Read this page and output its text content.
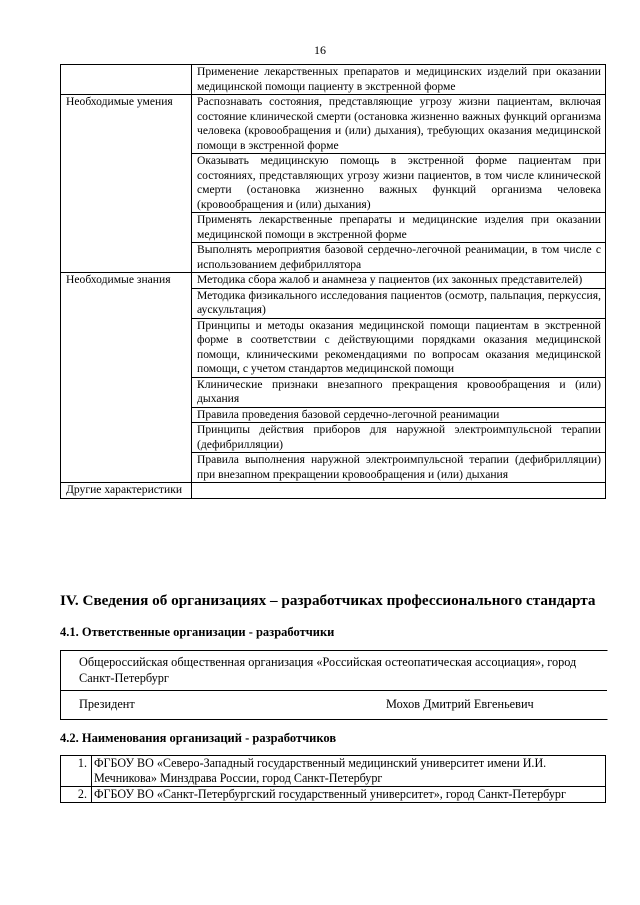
16
	Применение лекарственных препаратов и медицинских изделий при оказании медицинской помощи пациенту в экстренной форме
Необходимые умения	Распознавать состояния, представляющие угрозу жизни пациентам, включая состояние клинической смерти (остановка жизненно важных функций организма человека (кровообращения и (или) дыхания), требующих оказания медицинской помощи в экстренной форме
	Оказывать медицинскую помощь в экстренной форме пациентам при состояниях, представляющих угрозу жизни пациентов, в том числе клинической смерти (остановка жизненно важных функций организма человека (кровообращения и (или) дыхания)
	Применять лекарственные препараты и медицинские изделия при оказании медицинской помощи в экстренной форме
	Выполнять мероприятия базовой сердечно-легочной реанимации, в том числе с использованием дефибриллятора
Необходимые знания	Методика сбора жалоб и анамнеза у пациентов (их законных представителей)
	Методика физикального исследования пациентов (осмотр, пальпация, перкуссия, аускультация)
	Принципы и методы оказания медицинской помощи пациентам в экстренной форме в соответствии с действующими порядками оказания медицинской помощи, клиническими рекомендациями по вопросам оказания медицинской помощи, с учетом стандартов медицинской помощи
	Клинические признаки внезапного прекращения кровообращения и (или) дыхания
	Правила проведения базовой сердечно-легочной реанимации
	Принципы действия приборов для наружной электроимпульсной терапии (дефибрилляции)
	Правила выполнения наружной электроимпульсной терапии (дефибрилляции) при внезапном прекращении кровообращения и (или) дыхания
Другие характеристики	
IV. Сведения об организациях – разработчиках профессионального стандарта
4.1. Ответственные организации - разработчики
Общероссийская общественная организация «Российская остеопатическая ассоциация», город Санкт-Петербург
Президент	Мохов Дмитрий Евгеньевич
4.2. Наименования организаций - разработчиков
1.	ФГБОУ ВО «Северо-Западный государственный медицинский университет имени И.И. Мечникова» Минздрава России, город Санкт-Петербург
2.	ФГБОУ ВО «Санкт-Петербургский государственный университет», город Санкт-Петербург
